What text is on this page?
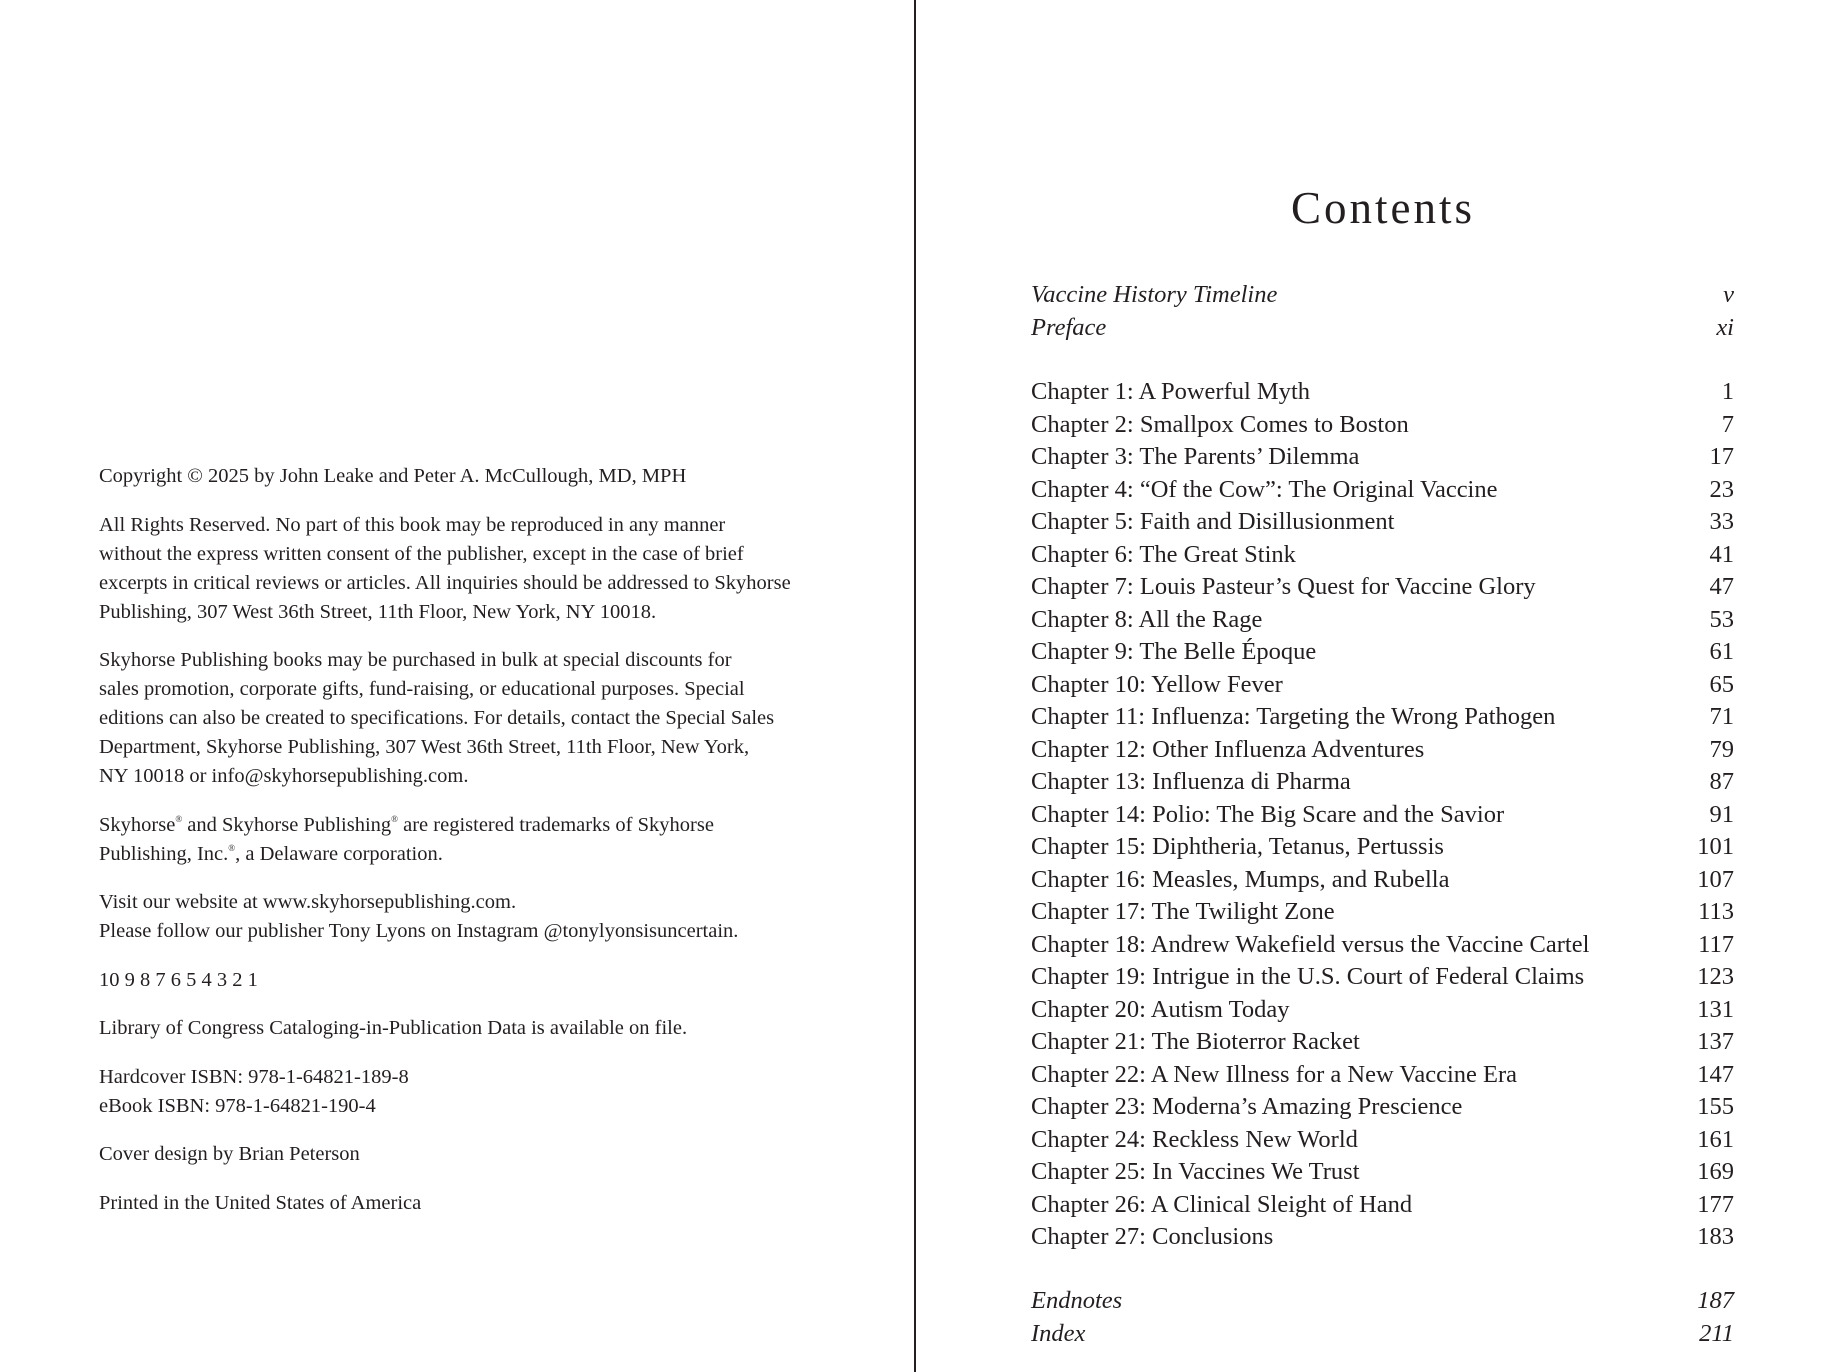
Copyright © 2025 by John Leake and Peter A. McCullough, MD, MPH

All Rights Reserved. No part of this book may be reproduced in any manner
without the express written consent of the publisher, except in the case of brief
excerpts in critical reviews or articles. All inquiries should be addressed to Skyhorse
Publishing, 307 West 36th Street, 11th Floor, New York, NY 10018.

Skyhorse Publishing books may be purchased in bulk at special discounts for
sales promotion, corporate gifts, fund-raising, or educational purposes. Special
editions can also be created to specifications. For details, contact the Special Sales
Department, Skyhorse Publishing, 307 West 36th Street, 11th Floor, New York,
NY 10018 or info@skyhorsepublishing.com.

Skyhorse® and Skyhorse Publishing® are registered trademarks of Skyhorse
Publishing, Inc.®, a Delaware corporation.

Visit our website at www.skyhorsepublishing.com.
Please follow our publisher Tony Lyons on Instagram @tonylyonsisuncertain.

10 9 8 7 6 5 4 3 2 1

Library of Congress Cataloging-in-Publication Data is available on file.

Hardcover ISBN: 978-1-64821-189-8
eBook ISBN: 978-1-64821-190-4

Cover design by Brian Peterson

Printed in the United States of America

Contents
Vaccine History Timeline	v
Preface	xi
Chapter 1: A Powerful Myth	1
Chapter 2: Smallpox Comes to Boston	7
Chapter 3: The Parents’ Dilemma	17
Chapter 4: “Of the Cow”: The Original Vaccine	23
Chapter 5: Faith and Disillusionment	33
Chapter 6: The Great Stink	41
Chapter 7: Louis Pasteur’s Quest for Vaccine Glory	47
Chapter 8: All the Rage	53
Chapter 9: The Belle Époque	61
Chapter 10: Yellow Fever	65
Chapter 11: Influenza: Targeting the Wrong Pathogen	71
Chapter 12: Other Influenza Adventures	79
Chapter 13: Influenza di Pharma	87
Chapter 14: Polio: The Big Scare and the Savior	91
Chapter 15: Diphtheria, Tetanus, Pertussis	101
Chapter 16: Measles, Mumps, and Rubella	107
Chapter 17: The Twilight Zone	113
Chapter 18: Andrew Wakefield versus the Vaccine Cartel	117
Chapter 19: Intrigue in the U.S. Court of Federal Claims	123
Chapter 20: Autism Today	131
Chapter 21: The Bioterror Racket	137
Chapter 22: A New Illness for a New Vaccine Era	147
Chapter 23: Moderna’s Amazing Prescience	155
Chapter 24: Reckless New World	161
Chapter 25: In Vaccines We Trust	169
Chapter 26: A Clinical Sleight of Hand	177
Chapter 27: Conclusions	183
Endnotes	187
Index	211
